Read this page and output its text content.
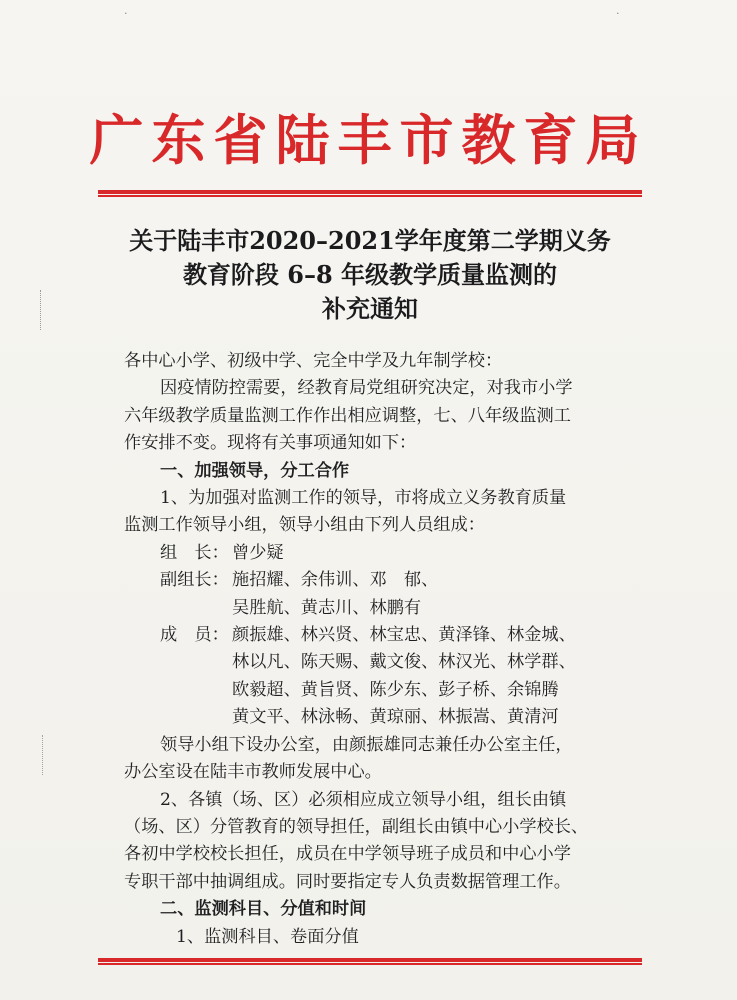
·	·
广东省陆丰市教育局
关于陆丰市2020–2021学年度第二学期义务
教育阶段 6–8 年级教学质量监测的
补充通知
各中心小学、初级中学、完全中学及九年制学校：
因疫情防控需要，经教育局党组研究决定，对我市小学
六年级教学质量监测工作作出相应调整，七、八年级监测工
作安排不变。现将有关事项通知如下：
一、加强领导，分工合作
1、为加强对监测工作的领导，市将成立义务教育质量
监测工作领导小组，领导小组由下列人员组成：
组　长： 曾少疑
副组长： 施招耀、余伟训、邓　郁、
吴胜航、黄志川、林鹏有
成　员： 颜振雄、林兴贤、林宝忠、黄泽锋、林金城、
林以凡、陈天赐、戴文俊、林汉光、林学群、
欧毅超、黄旨贤、陈少东、彭子桥、余锦腾
黄文平、林泳畅、黄琼丽、林振嵩、黄清河
领导小组下设办公室，由颜振雄同志兼任办公室主任，
办公室设在陆丰市教师发展中心。
2、各镇（场、区）必须相应成立领导小组，组长由镇
（场、区）分管教育的领导担任，副组长由镇中心小学校长、
各初中学校校长担任，成员在中学领导班子成员和中心小学
专职干部中抽调组成。同时要指定专人负责数据管理工作。
二、监测科目、分值和时间
1、监测科目、卷面分值
